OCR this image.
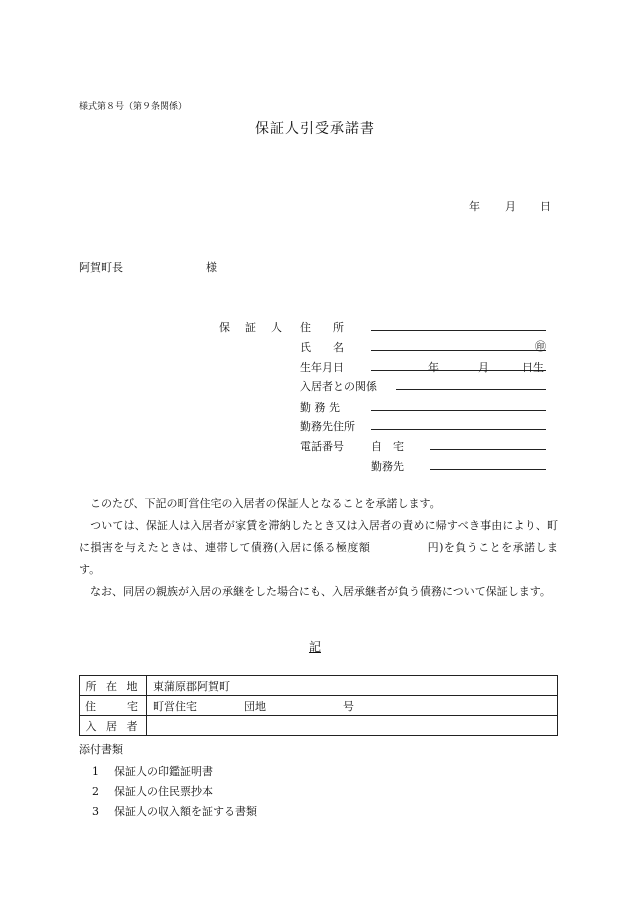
様式第８号（第９条関係）
保証人引受承諾書
年 月 日
阿賀町長	様
保　証　人 住　　所
氏　　名	㊞
生年月日	年	月	日生
入居者との関係
勤 務 先
勤務先住所
電話番号 自　宅
勤務先

　このたび、下記の町営住宅の入居者の保証人となることを承諾します。

　ついては、保証人は入居者が家賃を滞納したとき又は入居者の責めに帰すべき事由により、町に損害を与えたときは、連帯して債務(入居に係る極度額　　　　　円)を負うことを承諾します。

　なお、同居の親族が入居の承継をした場合にも、入居承継者が負う債務について保証します。

記
所 在 地	東蒲原郡阿賀町
住　　宅	町営住宅 団地 号
入 居 者	
添付書類
1 保証人の印鑑証明書
2 保証人の住民票抄本
3 保証人の収入額を証する書類
